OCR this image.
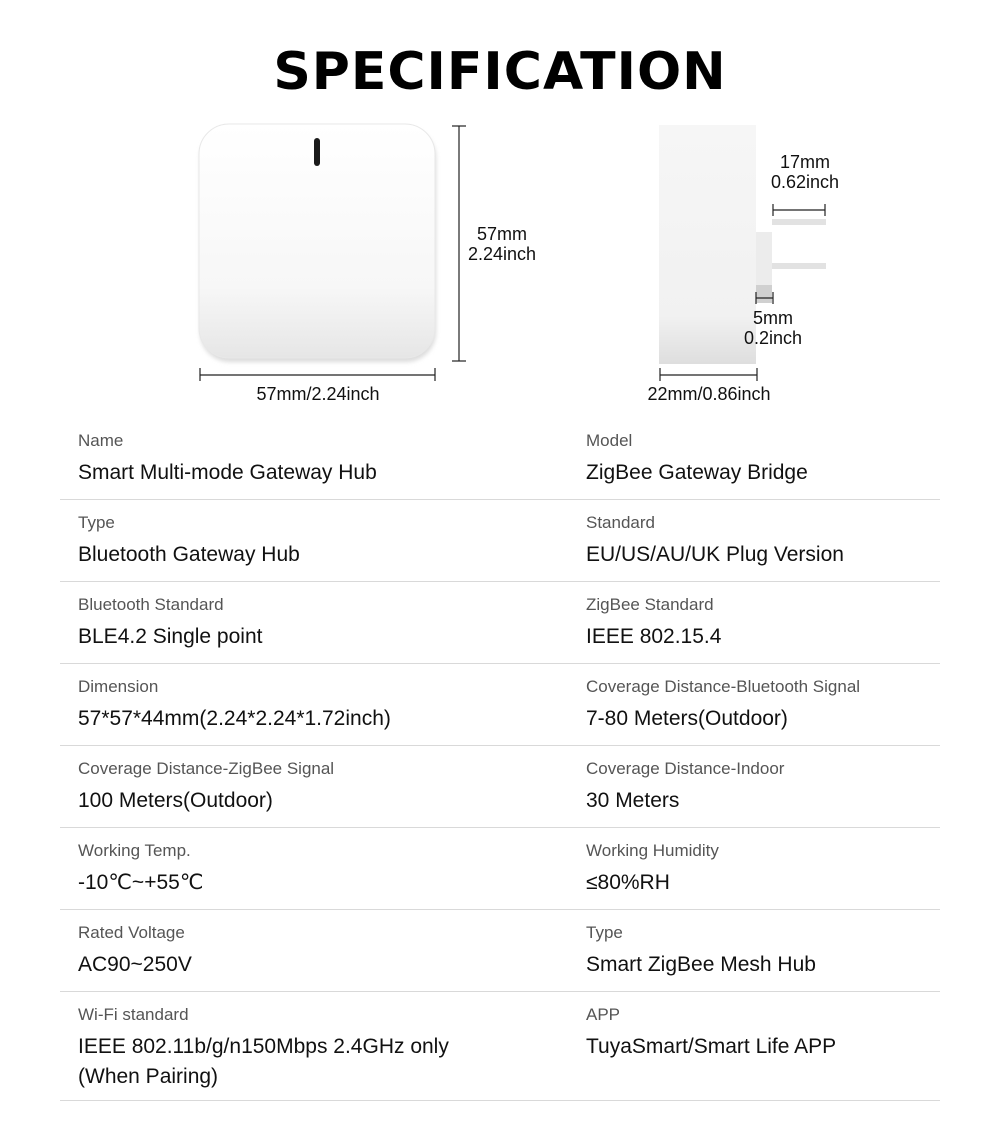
SPECIFICATION
57mm
2.24inch
57mm/2.24inch
17mm
0.62inch
5mm
0.2inch
22mm/0.86inch
Name
Smart Multi-mode Gateway Hub
Model
ZigBee Gateway Bridge
Type
Bluetooth Gateway Hub
Standard
EU/US/AU/UK Plug Version
Bluetooth Standard
BLE4.2 Single point
ZigBee Standard
IEEE 802.15.4
Dimension
57*57*44mm(2.24*2.24*1.72inch)
Coverage Distance-Bluetooth Signal
7-80 Meters(Outdoor)
Coverage Distance-ZigBee Signal
100 Meters(Outdoor)
Coverage Distance-Indoor
30 Meters
Working Temp.
-10℃~+55℃
Working Humidity
≤80%RH
Rated Voltage
AC90~250V
Type
Smart ZigBee Mesh Hub
Wi-Fi standard
IEEE 802.11b/g/n150Mbps 2.4GHz only
(When Pairing)
APP
TuyaSmart/Smart Life APP
